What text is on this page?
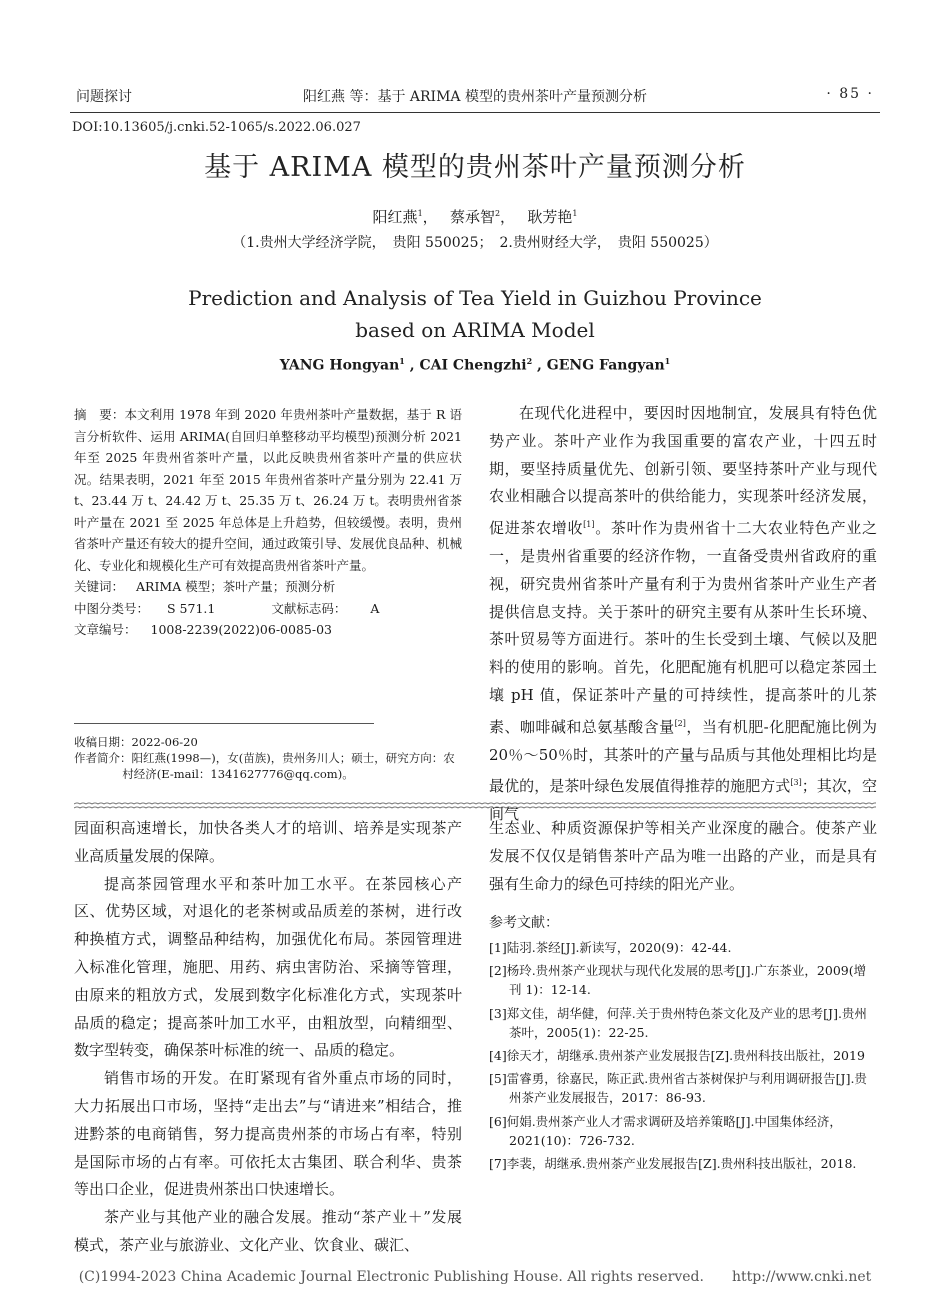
问题探讨	阳红燕 等：基于 ARIMA 模型的贵州茶叶产量预测分析	· 85 ·
DOI:10.13605/j.cnki.52-1065/s.2022.06.027
基于 ARIMA 模型的贵州茶叶产量预测分析
阳红燕$^1$，　 蔡承智$^2$，　 耿芳艳$^1$
（1.贵州大学经济学院，　贵阳 550025；　2.贵州财经大学，　贵阳 550025）
Prediction and Analysis of Tea Yield in Guizhou Province
based on ARIMA Model
YANG Hongyan$^1$ , CAI Chengzhi$^2$ , GENG Fangyan$^1$

摘　要：本文利用 1978 年到 2020 年贵州茶叶产量数据，基于 R 语言分析软件、运用 ARIMA(自回归单整移动平均模型)预测分析 2021 年至 2025 年贵州省茶叶产量，以此反映贵州省茶叶产量的供应状况。结果表明，2021 年至 2015 年贵州省茶叶产量分别为 22.41 万 t、23.44 万 t、24.42 万 t、25.35 万 t、26.24 万 t。表明贵州省茶叶产量在 2021 至 2025 年总体是上升趋势，但较缓慢。表明，贵州省茶叶产量还有较大的提升空间，通过政策引导、发展优良品种、机械化、专业化和规模化生产可有效提高贵州省茶叶产量。

关键词： ARIMA 模型；茶叶产量；预测分析
中图分类号： S 571.1	文献标志码： A
文章编号： 1008-2239(2022)06-0085-03
收稿日期：2022-06-20
作者简介：阳红燕(1998—)，女(苗族)，贵州务川人；硕士，研究方向：农村经济(E-mail：1341627776@qq.com)。

在现代化进程中，要因时因地制宜，发展具有特色优势产业。茶叶产业作为我国重要的富农产业，十四五时期，要坚持质量优先、创新引领、要坚持茶叶产业与现代农业相融合以提高茶叶的供给能力，实现茶叶经济发展，促进茶农增收[1]。茶叶作为贵州省十二大农业特色产业之一，是贵州省重要的经济作物，一直备受贵州省政府的重视，研究贵州省茶叶产量有利于为贵州省茶叶产业生产者提供信息支持。关于茶叶的研究主要有从茶叶生长环境、茶叶贸易等方面进行。茶叶的生长受到土壤、气候以及肥料的使用的影响。首先，化肥配施有机肥可以稳定茶园土壤 pH 值，保证茶叶产量的可持续性，提高茶叶的儿茶素、咖啡碱和总氨基酸含量[2]，当有机肥-化肥配施比例为 20％～50％时，其茶叶的产量与品质与其他处理相比均是最优的，是茶叶绿色发展值得推荐的施肥方式[3]；其次，空间气

园面积高速增长，加快各类人才的培训、培养是实现茶产业高质量发展的保障。

提高茶园管理水平和茶叶加工水平。在茶园核心产区、优势区域，对退化的老茶树或品质差的茶树，进行改种换植方式，调整品种结构，加强优化布局。茶园管理进入标准化管理，施肥、用药、病虫害防治、采摘等管理，由原来的粗放方式，发展到数字化标准化方式，实现茶叶品质的稳定；提高茶叶加工水平，由粗放型，向精细型、数字型转变，确保茶叶标准的统一、品质的稳定。

销售市场的开发。在盯紧现有省外重点市场的同时，大力拓展出口市场，坚持“走出去”与“请进来”相结合，推进黔茶的电商销售，努力提高贵州茶的市场占有率，特别是国际市场的占有率。可依托太古集团、联合利华、贵茶等出口企业，促进贵州茶出口快速增长。

茶产业与其他产业的融合发展。推动“茶产业＋”发展模式，茶产业与旅游业、文化产业、饮食业、碳汇、

生态业、种质资源保护等相关产业深度的融合。使茶产业发展不仅仅是销售茶叶产品为唯一出路的产业，而是具有强有生命力的绿色可持续的阳光产业。

参考文献：
[1]陆羽.茶经[J].新读写，2020(9)：42-44.
[2]杨玲.贵州茶产业现状与现代化发展的思考[J].广东茶业，2009(增刊 1)：12-14.
[3]郑文佳，胡华健，何萍.关于贵州特色茶文化及产业的思考[J].贵州茶叶，2005(1)：22-25.
[4]徐天才，胡继承.贵州茶产业发展报告[Z].贵州科技出版社，2019
[5]雷睿勇，徐嘉民，陈正武.贵州省古茶树保护与利用调研报告[J].贵州茶产业发展报告，2017：86-93.
[6]何娟.贵州茶产业人才需求调研及培养策略[J].中国集体经济，2021(10)：726-732.
[7]李裴，胡继承.贵州茶产业发展报告[Z].贵州科技出版社，2018.
(C)1994-2023 China Academic Journal Electronic Publishing House. All rights reserved.　　http://www.cnki.net
